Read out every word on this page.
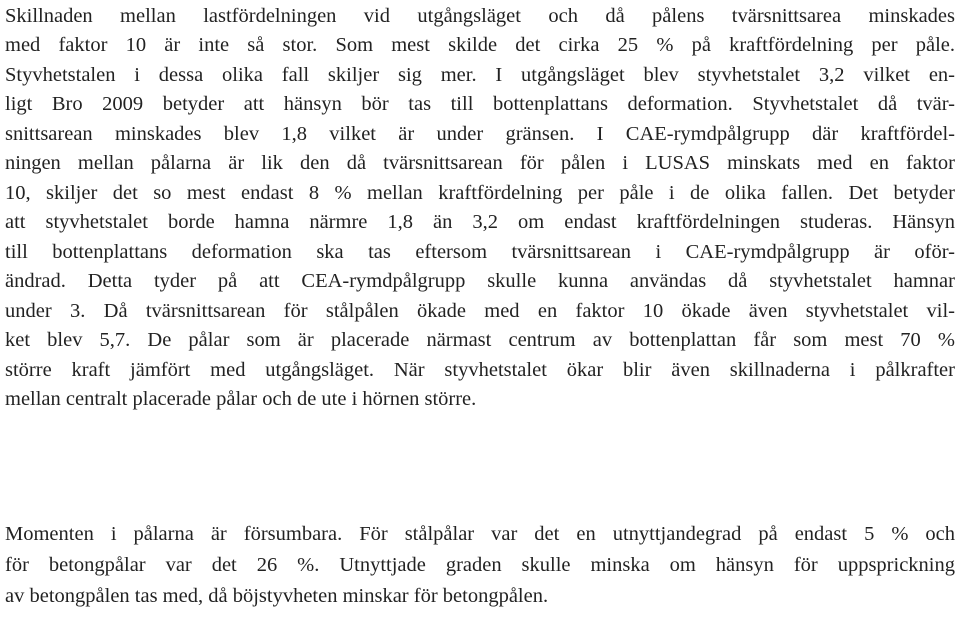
Skillnaden mellan lastfördelningen vid utgångsläget och då pålens tvärsnittsarea minskades
med faktor 10 är inte så stor. Som mest skilde det cirka 25 % på kraftfördelning per påle.
Styvhetstalen i dessa olika fall skiljer sig mer. I utgångsläget blev styvhetstalet 3,2 vilket en-
ligt Bro 2009 betyder att hänsyn bör tas till bottenplattans deformation. Styvhetstalet då tvär-
snittsarean minskades blev 1,8 vilket är under gränsen. I CAE-rymdpålgrupp där kraftfördel-
ningen mellan pålarna är lik den då tvärsnittsarean för pålen i LUSAS minskats med en faktor
10, skiljer det so mest endast 8 % mellan kraftfördelning per påle i de olika fallen. Det betyder
att styvhetstalet borde hamna närmre 1,8 än 3,2 om endast kraftfördelningen studeras. Hänsyn
till bottenplattans deformation ska tas eftersom tvärsnittsarean i CAE-rymdpålgrupp är oför-
ändrad. Detta tyder på att CEA-rymdpålgrupp skulle kunna användas då styvhetstalet hamnar
under 3. Då tvärsnittsarean för stålpålen ökade med en faktor 10 ökade även styvhetstalet vil-
ket blev 5,7. De pålar som är placerade närmast centrum av bottenplattan får som mest 70 %
större kraft jämfört med utgångsläget. När styvhetstalet ökar blir även skillnaderna i pålkrafter
mellan centralt placerade pålar och de ute i hörnen större.
Momenten i pålarna är försumbara. För stålpålar var det en utnyttjandegrad på endast 5 % och
för betongpålar var det 26 %. Utnyttjade graden skulle minska om hänsyn för uppsprickning
av betongpålen tas med, då böjstyvheten minskar för betongpålen.
